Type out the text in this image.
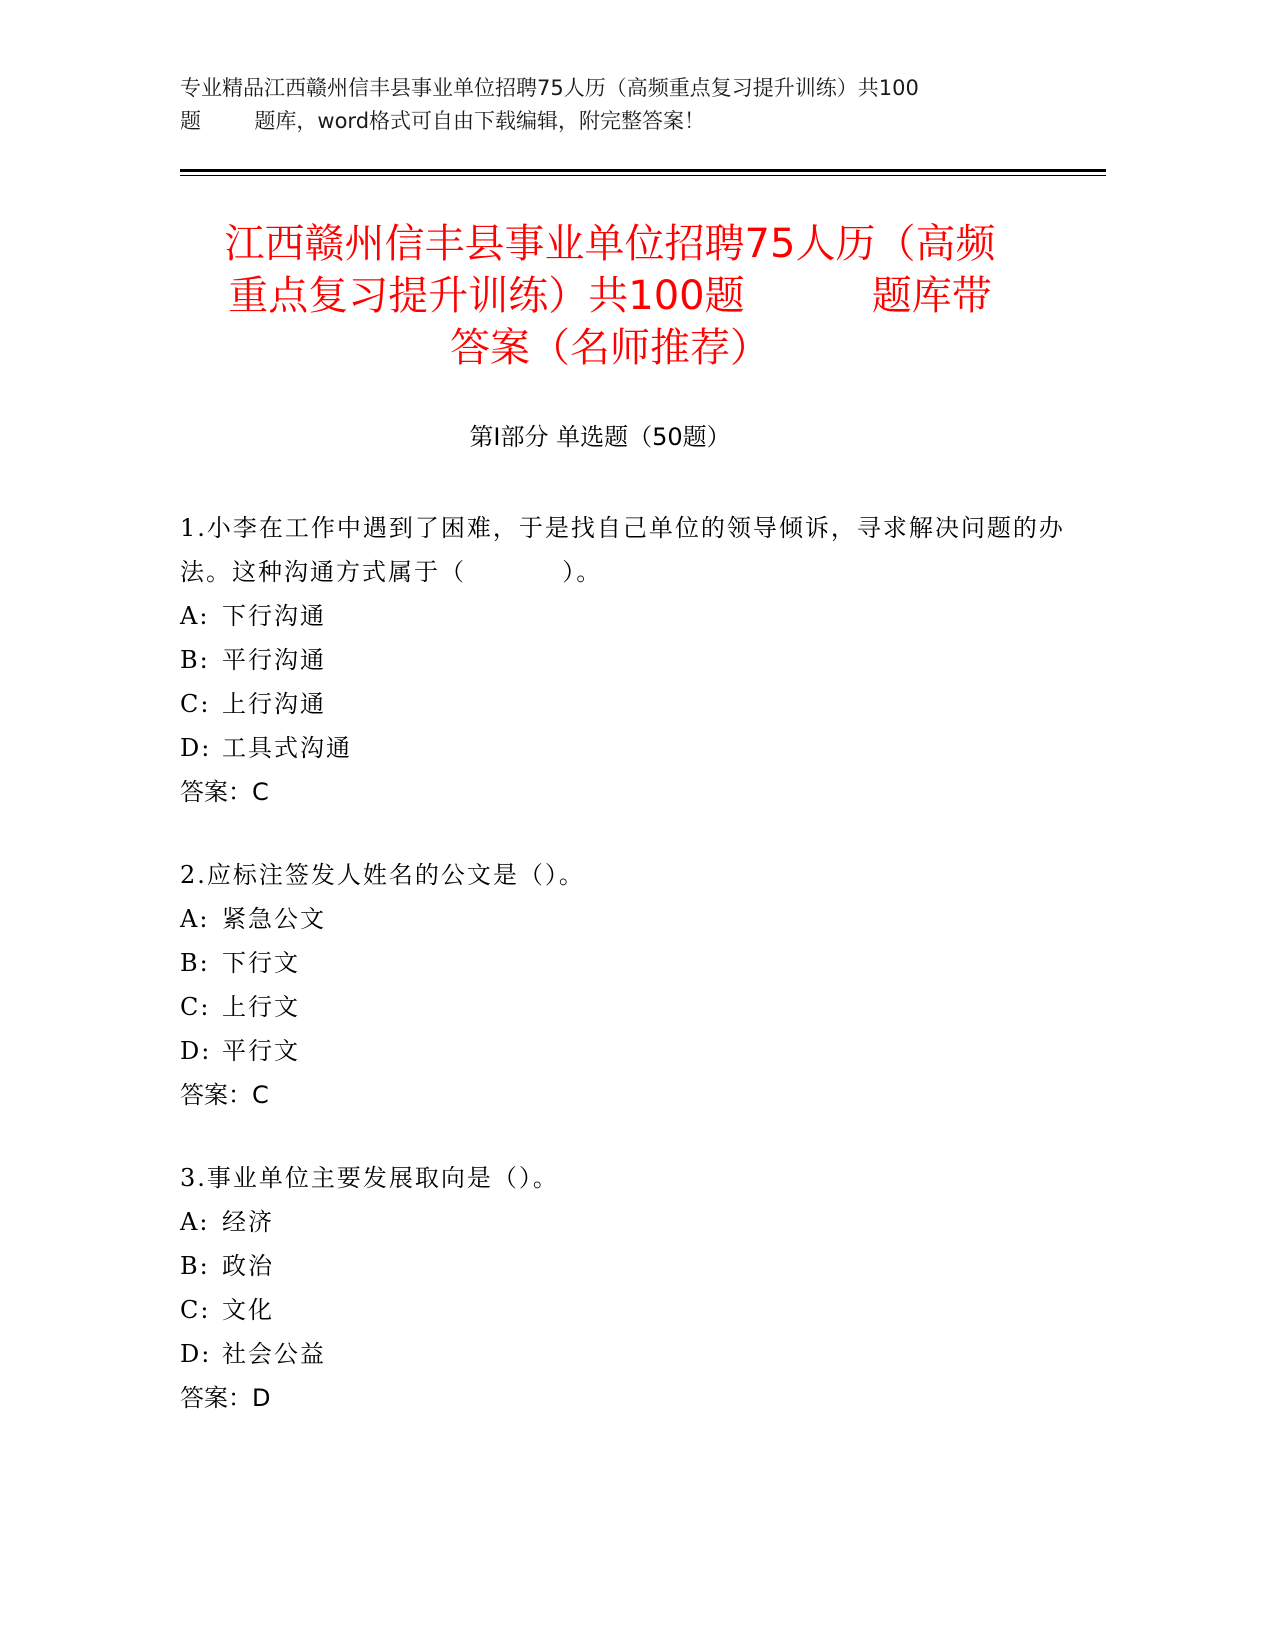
专业精品江西赣州信丰县事业单位招聘75人历（高频重点复习提升训练）共100
题        题库，word格式可自由下载编辑，附完整答案！
江西赣州信丰县事业单位招聘75人历（高频
重点复习提升训练）共100题          题库带
答案（名师推荐）
第Ⅰ部分 单选题（50题）
1.小李在工作中遇到了困难，于是找自己单位的领导倾诉，寻求解决问题的办法。这种沟通方式属于（          ）。
A: 下行沟通
B: 平行沟通
C: 上行沟通
D: 工具式沟通
答案：C
2.应标注签发人姓名的公文是（）。
A: 紧急公文
B: 下行文
C: 上行文
D: 平行文
答案：C
3.事业单位主要发展取向是（）。
A: 经济
B: 政治
C: 文化
D: 社会公益
答案：D
